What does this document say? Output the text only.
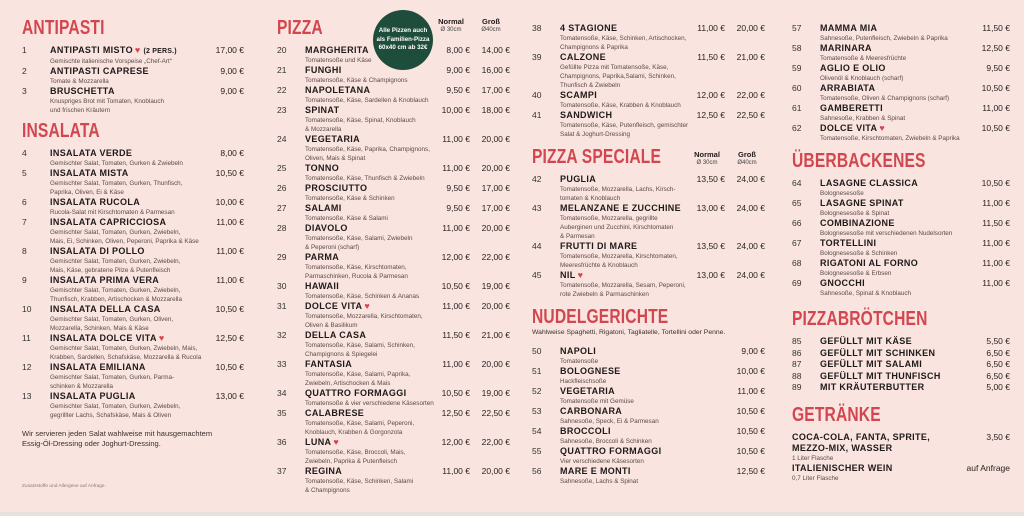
ANTIPASTI
1	ANTIPASTI MISTO ♥ (2 PERS.)
Gemischte italienische Vorspeise „Chef-Art“
17,00 €
2	ANTIPASTI CAPRESE
Tomate & Mozzarella
9,00 €
3	BRUSCHETTA
Knuspriges Brot mit Tomaten, Knoblauch
und frischen Kräutern
9,00 €
INSALATA
4	INSALATA VERDE
Gemischter Salat, Tomaten, Gurken & Zwiebeln
8,00 €
5	INSALATA MISTA
Gemischter Salat, Tomaten, Gurken, Thunfisch,
Paprika, Oliven, Ei & Käse
10,50 €
6	INSALATA RUCOLA
Rucola-Salat mit Kirschtomaten & Parmesan
10,00 €
7	INSALATA CAPRICCIOSA
Gemischter Salat, Tomaten, Gurken, Zwiebeln,
Mais, Ei, Schinken, Oliven, Peperoni, Paprika & Käse
11,00 €
8	INSALATA DI POLLO
Gemischter Salat, Tomaten, Gurken, Zwiebeln,
Mais, Käse, gebratene Pilze & Putenfleisch
11,00 €
9	INSALATA PRIMA VERA
Gemischter Salat, Tomaten, Gurken, Zwiebeln,
Thunfisch, Krabben, Artischocken & Mozzarella
11,00 €
10	INSALATA DELLA CASA
Gemischter Salat, Tomaten, Gurken, Oliven,
Mozzarella, Schinken, Mais & Käse
10,50 €
11	INSALATA DOLCE VITA ♥
Gemischter Salat, Tomaten, Gurken, Zwiebeln, Mais,
Krabben, Sardellen, Schafskäse, Mozzarella & Rucola
12,50 €
12	INSALATA EMILIANA
Gemischter Salat, Tomaten, Gurken, Parma-
schinken & Mozzarella
10,50 €
13	INSALATA PUGLIA
Gemischter Salat, Tomaten, Gurken, Zwiebeln,
gegrillter Lachs, Schafskäse, Mais & Oliven
13,00 €
Wir servieren jeden Salat wahlweise mit hausgemachtem
Essig-Öl-Dressing oder Joghurt-Dressing.
PIZZA
20	MARGHERITA
Tomatensoße und Käse
8,00 €	14,00 €
21	FUNGHI
Tomatensoße, Käse & Champignons
9,00 €	16,00 €
22	NAPOLETANA
Tomatensoße, Käse, Sardellen & Knoblauch
9,50 €	17,00 €
23	SPINAT
Tomatensoße, Käse, Spinat, Knoblauch
& Mozzarella
10,00 €	18,00 €
24	VEGETARIA
Tomatensoße, Käse, Paprika, Champignons,
Oliven, Mais & Spinat
11,00 €	20,00 €
25	TONNO
Tomatensoße, Käse, Thunfisch & Zwiebeln
11,00 €	20,00 €
26	PROSCIUTTO
Tomatensoße, Käse & Schinken
9,50 €	17,00 €
27	SALAMI
Tomatensoße, Käse & Salami
9,50 €	17,00 €
28	DIAVOLO
Tomatensoße, Käse, Salami, Zwiebeln
& Peperoni (scharf)
11,00 €	20,00 €
29	PARMA
Tomatensoße, Käse, Kirschtomaten,
Parmaschinken, Rucola & Parmesan
12,00 €	22,00 €
30	HAWAII
Tomatensoße, Käse, Schinken & Ananas
10,50 €	19,00 €
31	DOLCE VITA ♥
Tomatensoße, Mozzarella, Kirschtomaten,
Oliven & Basilikum
11,00 €	20,00 €
32	DELLA CASA
Tomatensoße, Käse, Salami, Schinken,
Champignons & Spiegelei
11,50 €	21,00 €
33	FANTASIA
Tomatensoße, Käse, Salami, Paprika,
Zwiebeln, Artischocken & Mais
11,00 €	20,00 €
34	QUATTRO FORMAGGI
Tomatensoße & vier verschiedene Käsesorten
10,50 €	19,00 €
35	CALABRESE
Tomatensoße, Käse, Salami, Peperoni,
Knoblauch, Krabben & Gorgonzola
12,50 €	22,50 €
36	LUNA ♥
Tomatensoße, Käse, Broccoli, Mais,
Zwiebeln, Paprika & Putenfleisch
12,00 €	22,00 €
37	REGINA
Tomatensoße, Käse, Schinken, Salami
& Champignons
11,00 €	20,00 €
38	4 STAGIONE
Tomatensoße, Käse, Schinken, Artischocken,
Champignons & Paprika
11,00 €	20,00 €
39	CALZONE
Gefüllte Pizza mit Tomatensoße, Käse,
Champignons, Paprika,Salami, Schinken,
Thunfisch & Zwiebeln
11,50 €	21,00 €
40	SCAMPI
Tomatensoße, Käse, Krabben & Knoblauch
12,00 €	22,00 €
41	SANDWICH
Tomatensoße, Käse, Putenfleisch, gemischter
Salat & Joghurt-Dressing
12,50 €	22,50 €
PIZZA SPECIALE
42	PUGLIA
Tomatensoße, Mozzarella, Lachs, Kirsch-
tomaten & Knoblauch
13,50 €	24,00 €
43	MELANZANE E ZUCCHINE
Tomatensoße, Mozzarella, gegrillte
Auberginen und Zucchini, Kirschtomaten
& Parmesan
13,00 €	24,00 €
44	FRUTTI DI MARE
Tomatensoße, Mozzarella, Kirschtomaten,
Meeresfrüchte & Knoblauch
13,50 €	24,00 €
45	NIL ♥
Tomatensoße, Mozzarella, Sesam, Peperoni,
rote Zwiebeln & Parmaschinken
13,00 €	24,00 €
NUDELGERICHTE
Wahlweise Spaghetti, Rigatoni, Tagliatelle, Tortellini oder Penne.
50	NAPOLI
Tomatensoße
9,00 €
51	BOLOGNESE
Hackfleischsoße
10,00 €
52	VEGETARIA
Tomatensoße mit Gemüse
11,00 €
53	CARBONARA
Sahnesoße, Speck, Ei & Parmesan
10,50 €
54	BROCCOLI
Sahnesoße, Broccoli & Schinken
10,50 €
55	QUATTRO FORMAGGI
Vier verschiedene Käsesorten
10,50 €
56	MARE E MONTI
Sahnesoße, Lachs & Spinat
12,50 €
57	MAMMA MIA
Sahnesoße, Putenfleisch, Zwiebeln & Paprika
11,50 €
58	MARINARA
Tomatensoße & Meeresfrüchte
12,50 €
59	AGLIO E OLIO
Olivenöl & Knoblauch (scharf)
9,50 €
60	ARRABIATA
Tomatensoße, Oliven & Champignons (scharf)
10,50 €
61	GAMBERETTI
Sahnesoße, Krabben & Spinat
11,00 €
62	DOLCE VITA ♥
Tomatensoße, Kirschtomaten, Zwiebeln & Paprika
10,50 €
ÜBERBACKENES
64	LASAGNE CLASSICA
Bolognesesoße
10,50 €
65	LASAGNE SPINAT
Bolognesesoße & Spinat
11,00 €
66	COMBINAZIONE
Bolognesesoße mit verschiedenen Nudelsorten
11,50 €
67	TORTELLINI
Bolognesesoße & Schinken
11,00 €
68	RIGATONI AL FORNO
Bolognesesoße & Erbsen
11,00 €
69	GNOCCHI
Sahnesoße, Spinat & Knoblauch
11,00 €
PIZZABRÖTCHEN
85	GEFÜLLT MIT KÄSE	5,50 €
86	GEFÜLLT MIT SCHINKEN	6,50 €
87	GEFÜLLT MIT SALAMI	6,50 €
88	GEFÜLLT MIT THUNFISCH	6,50 €
89	MIT KRÄUTERBUTTER	5,00 €
GETRÄNKE
COCA-COLA, FANTA, SPRITE,
MEZZO-MIX, WASSER
1 Liter Flasche
3,50 €
ITALIENISCHER WEIN
0,7 Liter Flasche
auf Anfrage
Normal
Ø 30cm
Groß
Ø40cm
Normal
Ø 30cm
Groß
Ø40cm
Alle Pizzen auch
als Familien-Pizza
60x40 cm ab 32€
Zusatzstoffe und Allergene auf Anfrage.
